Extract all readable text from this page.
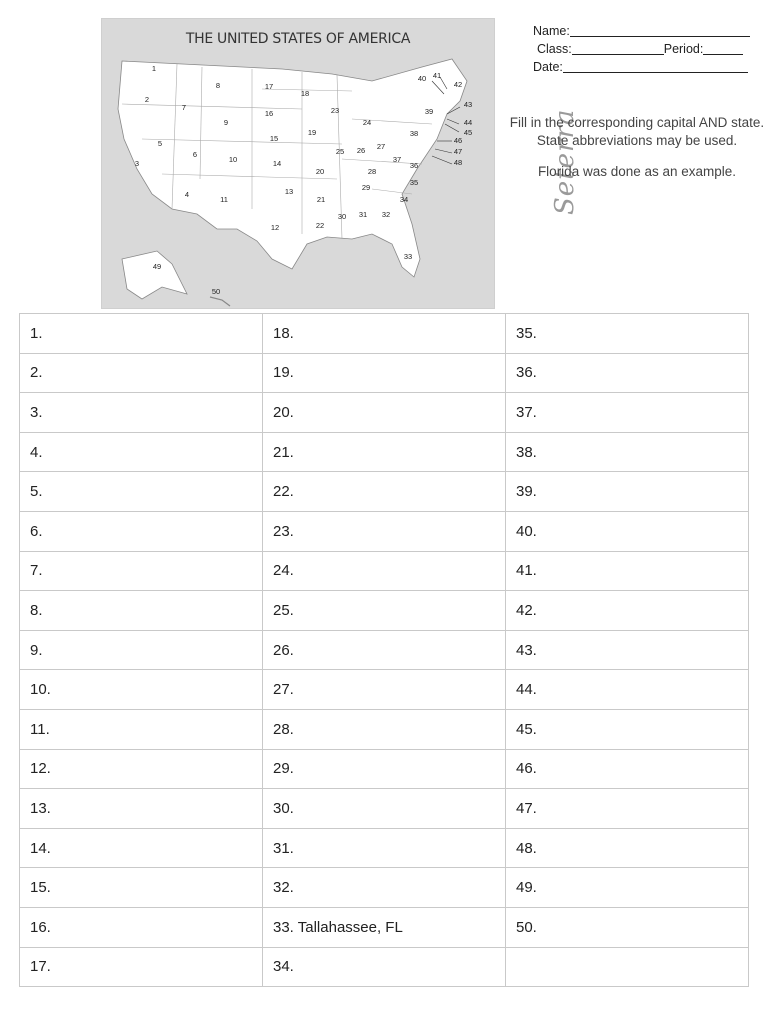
THE UNITED STATES OF AMERICA
1
2
3
4
5
6
7
8
9
10
11
12
13
14
15
16
17
18
19
20
21
22
23
24
25 26 27
28
29
30 31 32
33
34
35
36
37
38
39
40 41
42
43
44
45
46
47
48
49
50
Seterra
Name:
Class:	Period:
Date:

Fill in the corresponding capital AND state. State abbreviations may be used.

Florida was done as an example.

1.	18.	35.
2.	19.	36.
3.	20.	37.
4.	21.	38.
5.	22.	39.
6.	23.	40.
7.	24.	41.
8.	25.	42.
9.	26.	43.
10.	27.	44.
11.	28.	45.
12.	29.	46.
13.	30.	47.
14.	31.	48.
15.	32.	49.
16.	33. Tallahassee, FL	50.
17.	34.	
